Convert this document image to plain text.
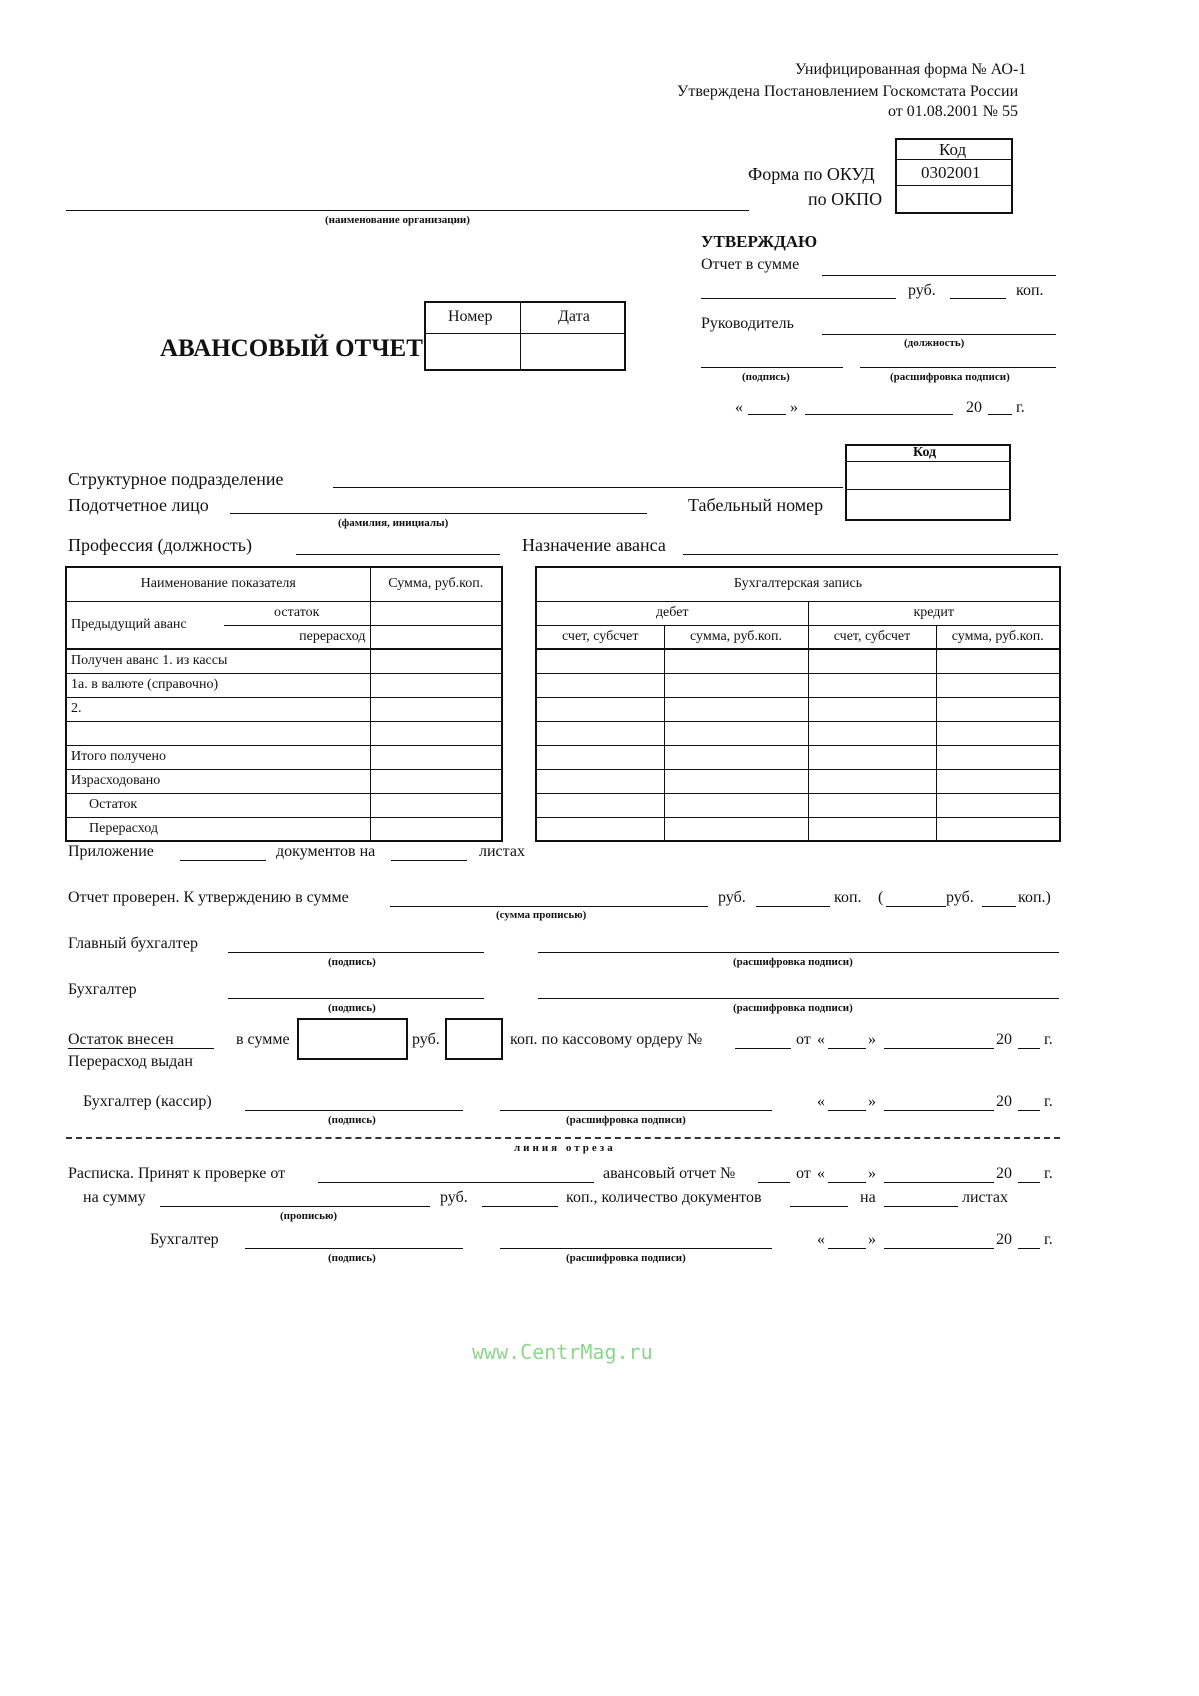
Унифицированная форма № АО-1
Утверждена Постановлением Госкомстата России
от 01.08.2001 № 55
Код
0302001
Форма по ОКУД
по ОКПО
(наименование организации)
УТВЕРЖДАЮ
Отчет в сумме
руб.	коп.
Руководитель
(должность)
(подпись)	(расшифровка подписи)
«	»	20 г.
АВАНСОВЫЙ ОТЧЕТ
Номер	Дата
Код
Структурное подразделение
Подотчетное лицо
(фамилия, инициалы)
Табельный номер
Профессия (должность)	Назначение аванса
Наименование показателя		Сумма, руб.коп.
Предыдущий аванс	остаток	
	перерасход	
Получен аванс 1. из кассы		
1а. в валюте (справочно)		
2.		

Итого получено		
Израсходовано		
Остаток		
Перерасход		
Бухгалтерская запись			
дебет		кредит	
счет, субсчет	сумма, руб.коп.	счет, субсчет	сумма, руб.коп.

Приложение	документов на	листах
Отчет проверен. К утверждению в сумме
(сумма прописью)
руб.	коп. (	руб.	коп.)
Главный бухгалтер
(подпись)	(расшифровка подписи)
Бухгалтер
(подпись)	(расшифровка подписи)
Остаток внесен
Перерасход выдан
в сумме	руб.	коп. по кассовому ордеру №	от «	»	20 г.
Бухгалтер (кассир)
(подпись)	(расшифровка подписи)
«	»	20 г.
линия отреза
Расписка. Принят к проверке от	авансовый отчет №	от «	»	20 г.
на сумму
(прописью)
руб.	коп., количество документов	на	листах
Бухгалтер
(подпись)	(расшифровка подписи)
«	»	20 г.
www.CentrMag.ru
